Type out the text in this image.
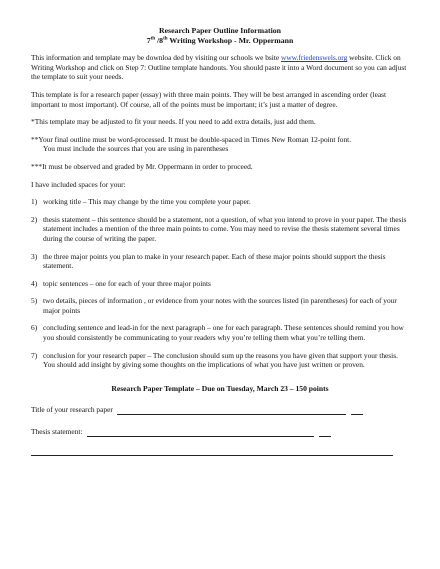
Research Paper Outline Information
7th /8th Writing Workshop - Mr. Oppermann

This information and template may be downloa ded by visiting our schools we bsite www.friedenswels.org website. Click on Writing Workshop and click on Step 7: Outline template handouts. You should paste it into a Word document so you can adjust the template to suit your needs.

This template is for a research paper (essay) with three main points. They will be best arranged in ascending order (least important to most important). Of course, all of the points must be important; it’s just a matter of degree.

*This template may be adjusted to fit your needs. If you need to add extra details, just add them.

**Your final outline must be word-processed. It must be double-spaced in Times New Roman 12-point font.

You must include the sources that you are using in parentheses

***It must be observed and graded by Mr. Oppermann in order to proceed.

I have included spaces for your:

1) working title – This may change by the time you complete your paper.
2) thesis statement – this sentence should be a statement, not a question, of what you intend to prove in your paper. The thesis statement includes a mention of the three main points to come. You may need to revise the thesis statement several times during the course of writing the paper.
3) the three major points you plan to make in your research paper. Each of these major points should support the thesis statement.
4) topic sentences – one for each of your three major points
5) two details, pieces of information , or evidence from your notes with the sources listed (in parentheses) for each of your major points
6) concluding sentence and lead-in for the next paragraph – one for each paragraph. These sentences should remind you how you should consistently be communicating to your readers why you’re telling them what you’re telling them.
7) conclusion for your research paper – The conclusion should sum up the reasons you have given that support your thesis. You should add insight by giving some thoughts on the implications of what you have just written or proven.
Research Paper Template – Due on Tuesday, March 23 – 150 points
Title of your research paper
Thesis statement:
